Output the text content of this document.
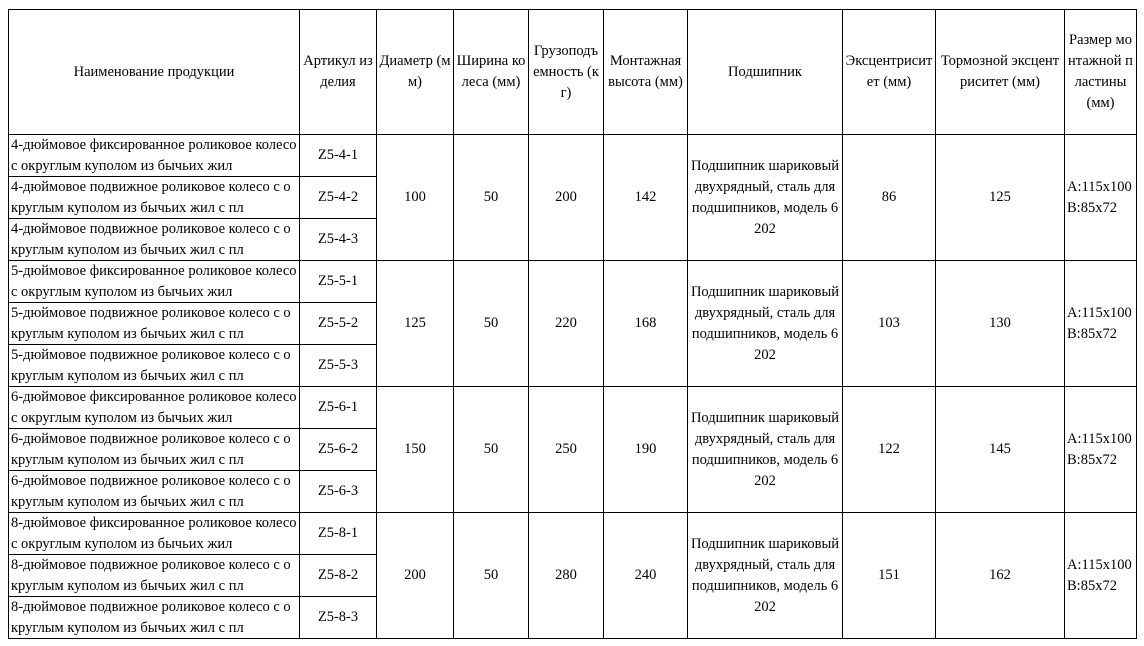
Наименование продукции	Артикул изделия	Диаметр (мм)	Ширина колеса (мм)	Грузоподъемность (кг)	Монтажная высота (мм)	Подшипник	Эксцентриситет (мм)	Тормозной эксцентриситет (мм)	Размер монтажной пластины (мм)

4-дюймовое фиксированное роликовое колесо с округлым куполом из бычьих жил	Z5-4-1	100	50	200	142	Подшипник шариковый двухрядный, сталь для подшипников, модель 6202	86	125	A:115x100B:85x72

4-дюймовое подвижное роликовое колесо с округлым куполом из бычьих жил с пл	Z5-4-2								

4-дюймовое подвижное роликовое колесо с округлым куполом из бычьих жил с пл	Z5-4-3								

5-дюймовое фиксированное роликовое колесо с округлым куполом из бычьих жил	Z5-5-1	125	50	220	168	Подшипник шариковый двухрядный, сталь для подшипников, модель 6202	103	130	A:115x100B:85x72

5-дюймовое подвижное роликовое колесо с округлым куполом из бычьих жил с пл	Z5-5-2								

5-дюймовое подвижное роликовое колесо с округлым куполом из бычьих жил с пл	Z5-5-3								

6-дюймовое фиксированное роликовое колесо с округлым куполом из бычьих жил	Z5-6-1	150	50	250	190	Подшипник шариковый двухрядный, сталь для подшипников, модель 6202	122	145	A:115x100B:85x72

6-дюймовое подвижное роликовое колесо с округлым куполом из бычьих жил с пл	Z5-6-2								

6-дюймовое подвижное роликовое колесо с округлым куполом из бычьих жил с пл	Z5-6-3								

8-дюймовое фиксированное роликовое колесо с округлым куполом из бычьих жил	Z5-8-1	200	50	280	240	Подшипник шариковый двухрядный, сталь для подшипников, модель 6202	151	162	A:115x100B:85x72

8-дюймовое подвижное роликовое колесо с округлым куполом из бычьих жил с пл	Z5-8-2								

8-дюймовое подвижное роликовое колесо с округлым куполом из бычьих жил с пл	Z5-8-3								
